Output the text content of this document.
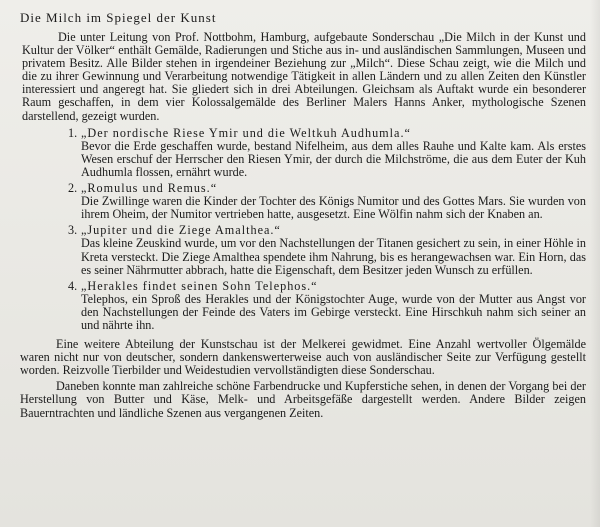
Die Milch im Spiegel der Kunst

Die unter Leitung von Prof. Nottbohm, Hamburg, aufgebaute Sonderschau „Die Milch in der Kunst und Kultur der Völker“ enthält Gemälde, Radierungen und Stiche aus in- und ausländischen Sammlungen, Museen und privatem Besitz. Alle Bilder stehen in irgendeiner Beziehung zur „Milch“. Diese Schau zeigt, wie die Milch und die zu ihrer Gewinnung und Verarbeitung notwendige Tätigkeit in allen Ländern und zu allen Zeiten den Künstler interessiert und angeregt hat. Sie gliedert sich in drei Abteilungen. Gleichsam als Auftakt wurde ein besonderer Raum geschaffen, in dem vier Kolossalgemälde des Berliner Malers Hanns Anker, mythologische Szenen darstellend, gezeigt wurden.

1. „Der nordische Riese Ymir und die Weltkuh Audhumla.“
Bevor die Erde geschaffen wurde, bestand Nifelheim, aus dem alles Rauhe und Kalte kam. Als erstes Wesen erschuf der Herrscher den Riesen Ymir, der durch die Milchströme, die aus dem Euter der Kuh Audhumla flossen, ernährt wurde.
2. „Romulus und Remus.“
Die Zwillinge waren die Kinder der Tochter des Königs Numitor und des Gottes Mars. Sie wurden von ihrem Oheim, der Numitor vertrieben hatte, ausgesetzt. Eine Wölfin nahm sich der Knaben an.
3. „Jupiter und die Ziege Amalthea.“
Das kleine Zeuskind wurde, um vor den Nachstellungen der Titanen gesichert zu sein, in einer Höhle in Kreta versteckt. Die Ziege Amalthea spendete ihm Nahrung, bis es herangewachsen war. Ein Horn, das es seiner Nährmutter abbrach, hatte die Eigenschaft, dem Besitzer jeden Wunsch zu erfüllen.
4. „Herakles findet seinen Sohn Telephos.“
Telephos, ein Sproß des Herakles und der Königstochter Auge, wurde von der Mutter aus Angst vor den Nachstellungen der Feinde des Vaters im Gebirge versteckt. Eine Hirschkuh nahm sich seiner an und nährte ihn.

Eine weitere Abteilung der Kunstschau ist der Melkerei gewidmet. Eine Anzahl wertvoller Ölgemälde waren nicht nur von deutscher, sondern dankenswerterweise auch von ausländischer Seite zur Verfügung gestellt worden. Reizvolle Tierbilder und Weidestudien vervollständigten diese Sonderschau.

Daneben konnte man zahlreiche schöne Farbendrucke und Kupferstiche sehen, in denen der Vorgang bei der Herstellung von Butter und Käse, Melk- und Arbeitsgefäße dargestellt werden. Andere Bilder zeigen Bauerntrachten und ländliche Szenen aus vergangenen Zeiten.
